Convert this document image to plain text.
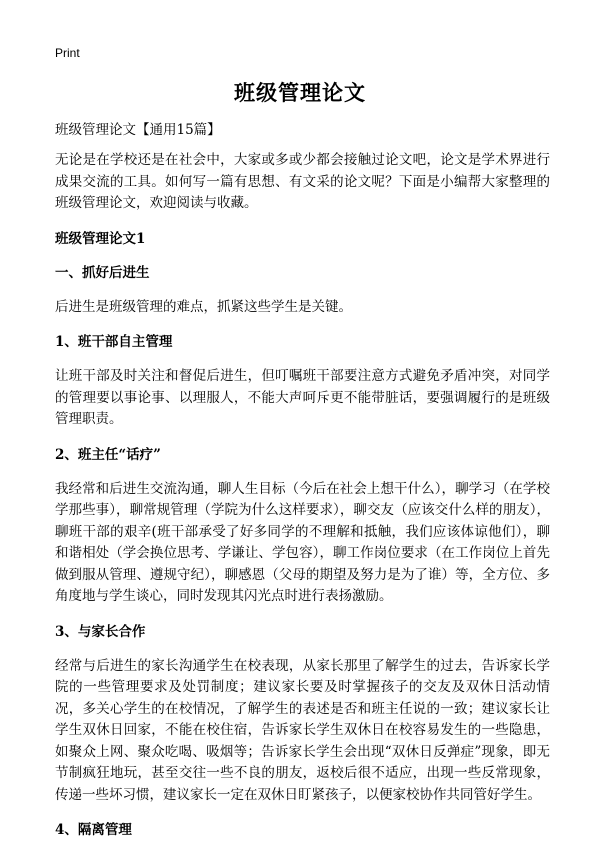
Print
班级管理论文
班级管理论文【通用15篇】

无论是在学校还是在社会中，大家或多或少都会接触过论文吧，论文是学术界进行成果交流的工具。如何写一篇有思想、有文采的论文呢？下面是小编帮大家整理的班级管理论文，欢迎阅读与收藏。

班级管理论文1
一、抓好后进生

后进生是班级管理的难点，抓紧这些学生是关键。

1、班干部自主管理

让班干部及时关注和督促后进生，但叮嘱班干部要注意方式避免矛盾冲突，对同学的管理要以事论事、以理服人，不能大声呵斥更不能带脏话，要强调履行的是班级管理职责。

2、班主任“话疗”

我经常和后进生交流沟通，聊人生目标（今后在社会上想干什么），聊学习（在学校学那些事），聊常规管理（学院为什么这样要求），聊交友（应该交什么样的朋友），聊班干部的艰辛(班干部承受了好多同学的不理解和抵触，我们应该体谅他们），聊和谐相处（学会换位思考、学谦让、学包容），聊工作岗位要求（在工作岗位上首先做到服从管理、遵规守纪），聊感恩（父母的期望及努力是为了谁）等，全方位、多角度地与学生谈心，同时发现其闪光点时进行表扬激励。

3、与家长合作

经常与后进生的家长沟通学生在校表现，从家长那里了解学生的过去，告诉家长学院的一些管理要求及处罚制度；建议家长要及时掌握孩子的交友及双休日活动情况，多关心学生的在校情况，了解学生的表述是否和班主任说的一致；建议家长让学生双休日回家，不能在校住宿，告诉家长学生双休日在校容易发生的一些隐患，如聚众上网、聚众吃喝、吸烟等；告诉家长学生会出现“双休日反弹症”现象，即无节制疯狂地玩，甚至交往一些不良的朋友，返校后很不适应，出现一些反常现象，传递一些坏习惯，建议家长一定在双休日盯紧孩子，以便家校协作共同管好学生。

4、隔离管理
